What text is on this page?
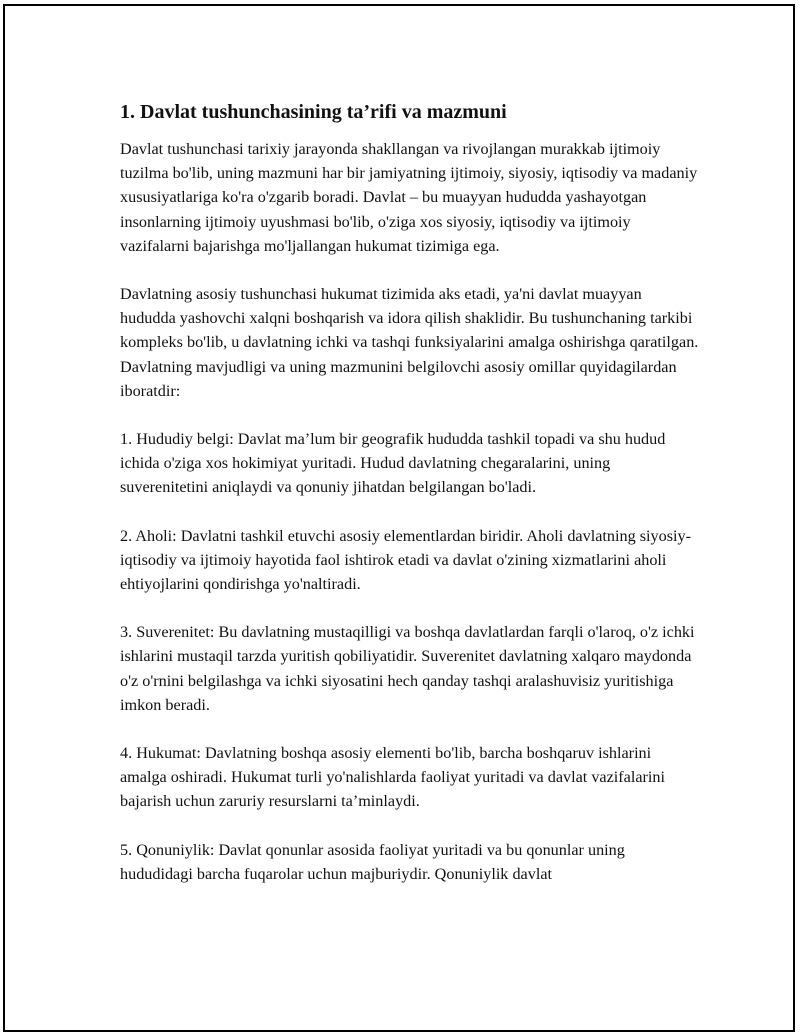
1. Davlat tushunchasining ta’rifi va mazmuni

Davlat tushunchasi tarixiy jarayonda shakllangan va rivojlangan murakkab ijtimoiy tuzilma bo'lib, uning mazmuni har bir jamiyatning ijtimoiy, siyosiy, iqtisodiy va madaniy xususiyatlariga ko'ra o'zgarib boradi. Davlat – bu muayyan hududda yashayotgan insonlarning ijtimoiy uyushmasi bo'lib, o'ziga xos siyosiy, iqtisodiy va ijtimoiy vazifalarni bajarishga mo'ljallangan hukumat tizimiga ega.

Davlatning asosiy tushunchasi hukumat tizimida aks etadi, ya'ni davlat muayyan hududda yashovchi xalqni boshqarish va idora qilish shaklidir. Bu tushunchaning tarkibi kompleks bo'lib, u davlatning ichki va tashqi funksiyalarini amalga oshirishga qaratilgan. Davlatning mavjudligi va uning mazmunini belgilovchi asosiy omillar quyidagilardan iboratdir:

1. Hududiy belgi: Davlat ma’lum bir geografik hududda tashkil topadi va shu hudud ichida o'ziga xos hokimiyat yuritadi. Hudud davlatning chegaralarini, uning suverenitetini aniqlaydi va qonuniy jihatdan belgilangan bo'ladi.

2. Aholi: Davlatni tashkil etuvchi asosiy elementlardan biridir. Aholi davlatning siyosiy-iqtisodiy va ijtimoiy hayotida faol ishtirok etadi va davlat o'zining xizmatlarini aholi ehtiyojlarini qondirishga yo'naltiradi.

3. Suverenitet: Bu davlatning mustaqilligi va boshqa davlatlardan farqli o'laroq, o'z ichki ishlarini mustaqil tarzda yuritish qobiliyatidir. Suverenitet davlatning xalqaro maydonda o'z o'rnini belgilashga va ichki siyosatini hech qanday tashqi aralashuvisiz yuritishiga imkon beradi.

4. Hukumat: Davlatning boshqa asosiy elementi bo'lib, barcha boshqaruv ishlarini amalga oshiradi. Hukumat turli yo'nalishlarda faoliyat yuritadi va davlat vazifalarini bajarish uchun zaruriy resurslarni ta’minlaydi.

5. Qonuniylik: Davlat qonunlar asosida faoliyat yuritadi va bu qonunlar uning hududidagi barcha fuqarolar uchun majburiydir. Qonuniylik davlat
